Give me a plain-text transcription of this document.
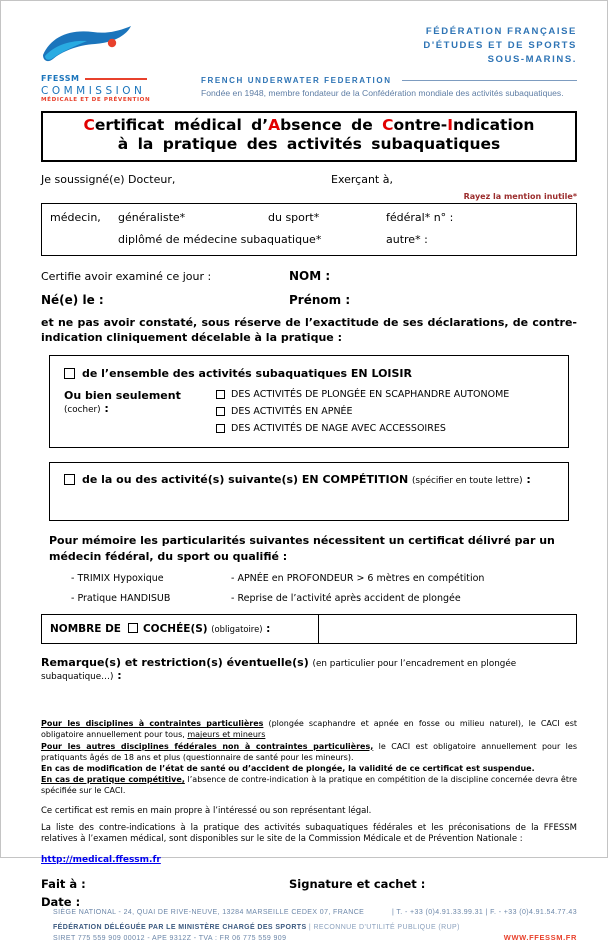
FFESSM
COMMISSION
MÉDICALE ET DE PRÉVENTION
FÉDÉRATION FRANÇAISE
D'ÉTUDES ET DE SPORTS
SOUS-MARINS.
FRENCH UNDERWATER FEDERATION
Fondée en 1948, membre fondateur de la Confédération mondiale des activités subaquatiques.
Certificat médical d’Absence de Contre-Indication
à la pratique des activités subaquatiques
Je soussigné(e) Docteur,	Exerçant à,
Rayez la mention inutile*
médecin,	généraliste*	du sport*	fédéral* n° :
diplômé de médecine subaquatique*	autre* :
Certifie avoir examiné ce jour :	NOM :
Né(e) le :	Prénom :
et ne pas avoir constaté, sous réserve de l’exactitude de ses déclarations, de contre-indication cliniquement décelable à la pratique :
de l’ensemble des activités subaquatiques EN LOISIR
Ou bien seulement (cocher) :
DES ACTIVITÉS DE PLONGÉE EN SCAPHANDRE AUTONOME
DES ACTIVITÉS EN APNÉE
DES ACTIVITÉS DE NAGE AVEC ACCESSOIRES
de la ou des activité(s) suivante(s) EN COMPÉTITION (spécifier en toute lettre) :
Pour mémoire les particularités suivantes nécessitent un certificat délivré par un médecin fédéral, du sport ou qualifié :
- TRIMIX Hypoxique	- APNÉE en PROFONDEUR > 6 mètres en compétition
- Pratique HANDISUB	- Reprise de l’activité après accident de plongée
NOMBRE DE  COCHÉE(S) (obligatoire) :
Remarque(s) et restriction(s) éventuelle(s) (en particulier pour l’encadrement en plongée subaquatique…) :

Pour les disciplines à contraintes particulières (plongée scaphandre et apnée en fosse ou milieu naturel), le CACI est obligatoire annuellement pour tous, majeurs et mineurs

Pour les autres disciplines fédérales non à contraintes particulières, le CACI est obligatoire annuellement pour les pratiquants âgés de 18 ans et plus (questionnaire de santé pour les mineurs).

En cas de modification de l’état de santé ou d’accident de plongée, la validité de ce certificat est suspendue.

En cas de pratique compétitive, l’absence de contre-indication à la pratique en compétition de la discipline concernée devra être spécifiée sur le CACI.

Ce certificat est remis en main propre à l’intéressé ou son représentant légal.
La liste des contre-indications à la pratique des activités subaquatiques fédérales et les préconisations de la FFESSM relatives à l’examen médical, sont disponibles sur le site de la Commission Médicale et de Prévention Nationale :
http://medical.ffessm.fr
Fait à :	Signature et cachet :
Date :
SIÈGE NATIONAL - 24, QUAI DE RIVE-NEUVE, 13284 MARSEILLE CEDEX 07, FRANCE	| T. - +33 (0)4.91.33.99.31 | F. - +33 (0)4.91.54.77.43
FÉDÉRATION DÉLÉGUÉE PAR LE MINISTÈRE CHARGÉ DES SPORTS | RECONNUE D'UTILITÉ PUBLIQUE (RUP)
SIRET 775 559 909 00012 - APE 9312Z - TVA : FR 06 775 559 909	WWW.FFESSM.FR
